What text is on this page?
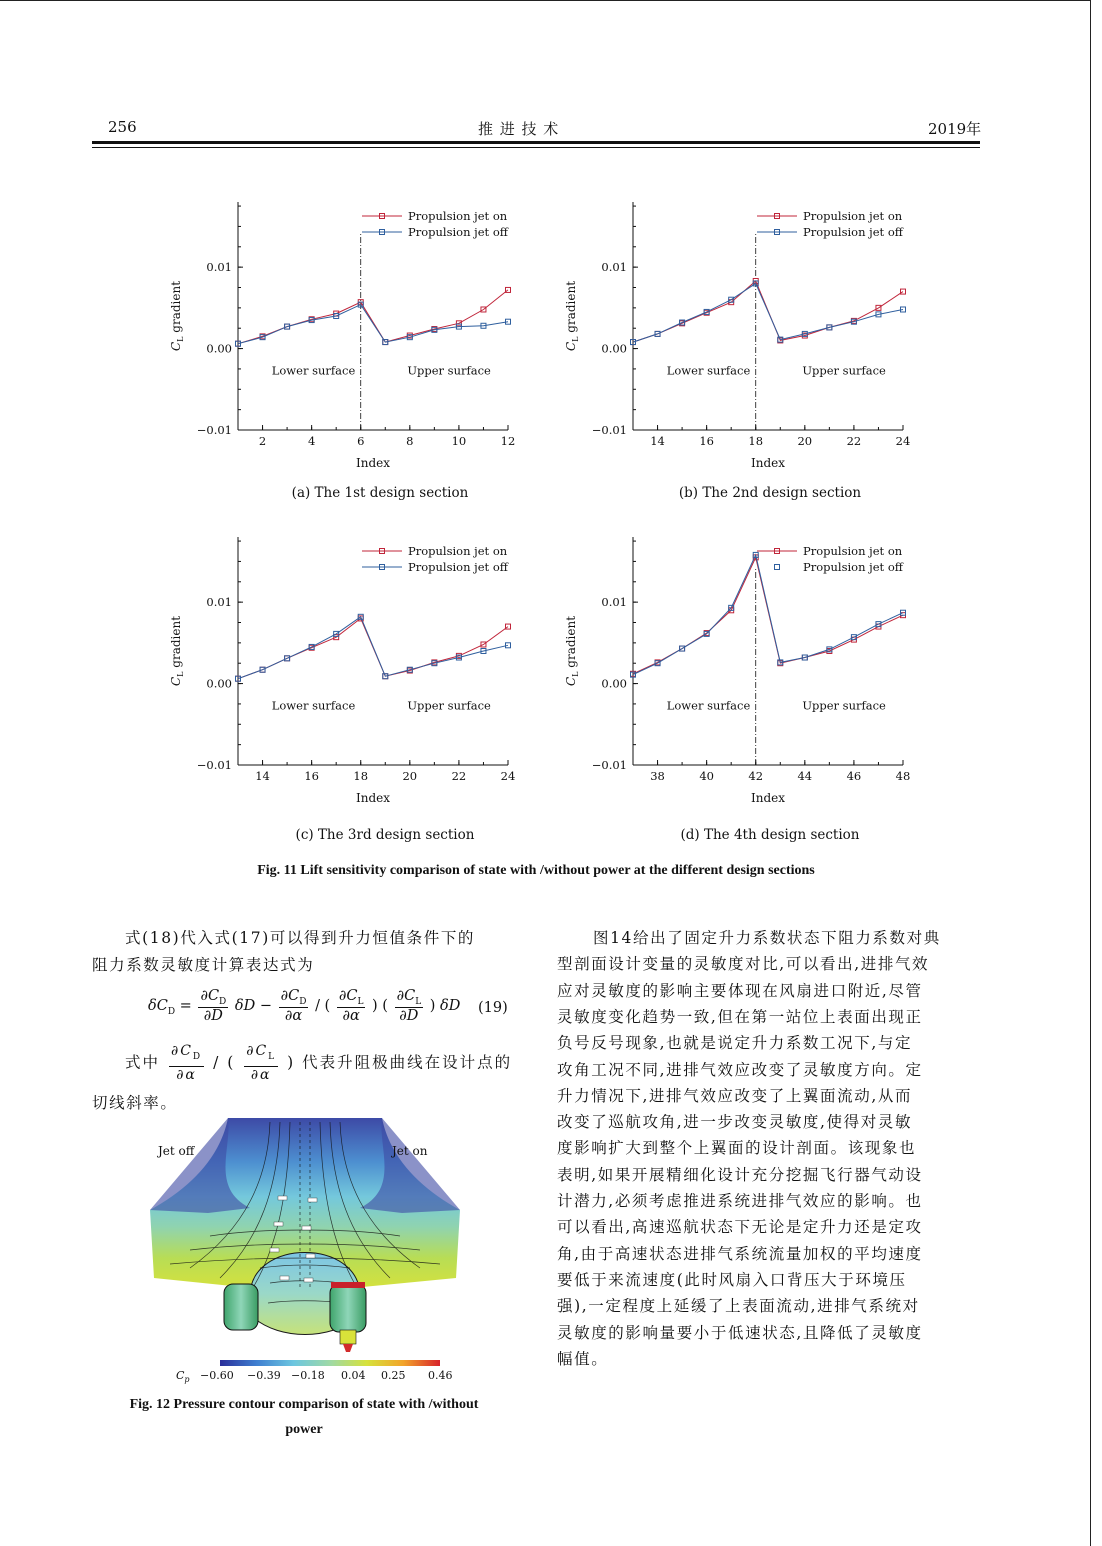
256	推 进 技 术	2019年
0.01
0.00
−0.01
2	4	6	8	10	12
Index
$C_L$ gradient
Lower surface	Upper surface
Propulsion jet on
Propulsion jet off
0.01
0.00
−0.01
14	16	18	20	22	24
Index
$C_L$ gradient
Lower surface	Upper surface
Propulsion jet on
Propulsion jet off
0.01
0.00
−0.01
14	16	18	20	22	24
Index
$C_L$ gradient
Lower surface	Upper surface
Propulsion jet on
Propulsion jet off
0.01
0.00
−0.01
38	40	42	44	46	48
Index
$C_L$ gradient
Lower surface	Upper surface
Propulsion jet on
Propulsion jet off
(a) The 1st design section	(b) The 2nd design section
(c) The 3rd design section	(d) The 4th design section
Fig. 11 Lift sensitivity comparison of state with /without power at the different design sections
式(18)代入式(17)可以得到升力恒值条件下的
阻力系数灵敏度计算表达式为
$\delta C_D = \frac{\partial C_D}{\partial D}$ $\delta D - \frac{\partial C_D}{\partial\alpha}$ / ( $\frac{\partial C_L}{\partial\alpha}$ ) ( $\frac{\partial C_L}{\partial D}$ ) δD (19)
式中 $\frac{\partial C_D}{\partial\alpha}$ / ( $\frac{\partial C_L}{\partial\alpha}$ ) 代表升阻极曲线在设计点的
切线斜率。
Jet off	Jet on
$C_p -0.60 -0.39 -0.18$ 0.04 0.25 0.46
Fig. 12 Pressure contour comparison of state with /without
power
图14给出了固定升力系数状态下阻力系数对典
型剖面设计变量的灵敏度对比,可以看出,进排气效
应对灵敏度的影响主要体现在风扇进口附近,尽管
灵敏度变化趋势一致,但在第一站位上表面出现正
负号反号现象,也就是说定升力系数工况下,与定
攻角工况不同,进排气效应改变了灵敏度方向。定
升力情况下,进排气效应改变了上翼面流动,从而
改变了巡航攻角,进一步改变灵敏度,使得对灵敏
度影响扩大到整个上翼面的设计剖面。该现象也
表明,如果开展精细化设计充分挖掘飞行器气动设
计潜力,必须考虑推进系统进排气效应的影响。也
可以看出,高速巡航状态下无论是定升力还是定攻
角,由于高速状态进排气系统流量加权的平均速度
要低于来流速度(此时风扇入口背压大于环境压
强),一定程度上延缓了上表面流动,进排气系统对
灵敏度的影响量要小于低速状态,且降低了灵敏度
幅值。
